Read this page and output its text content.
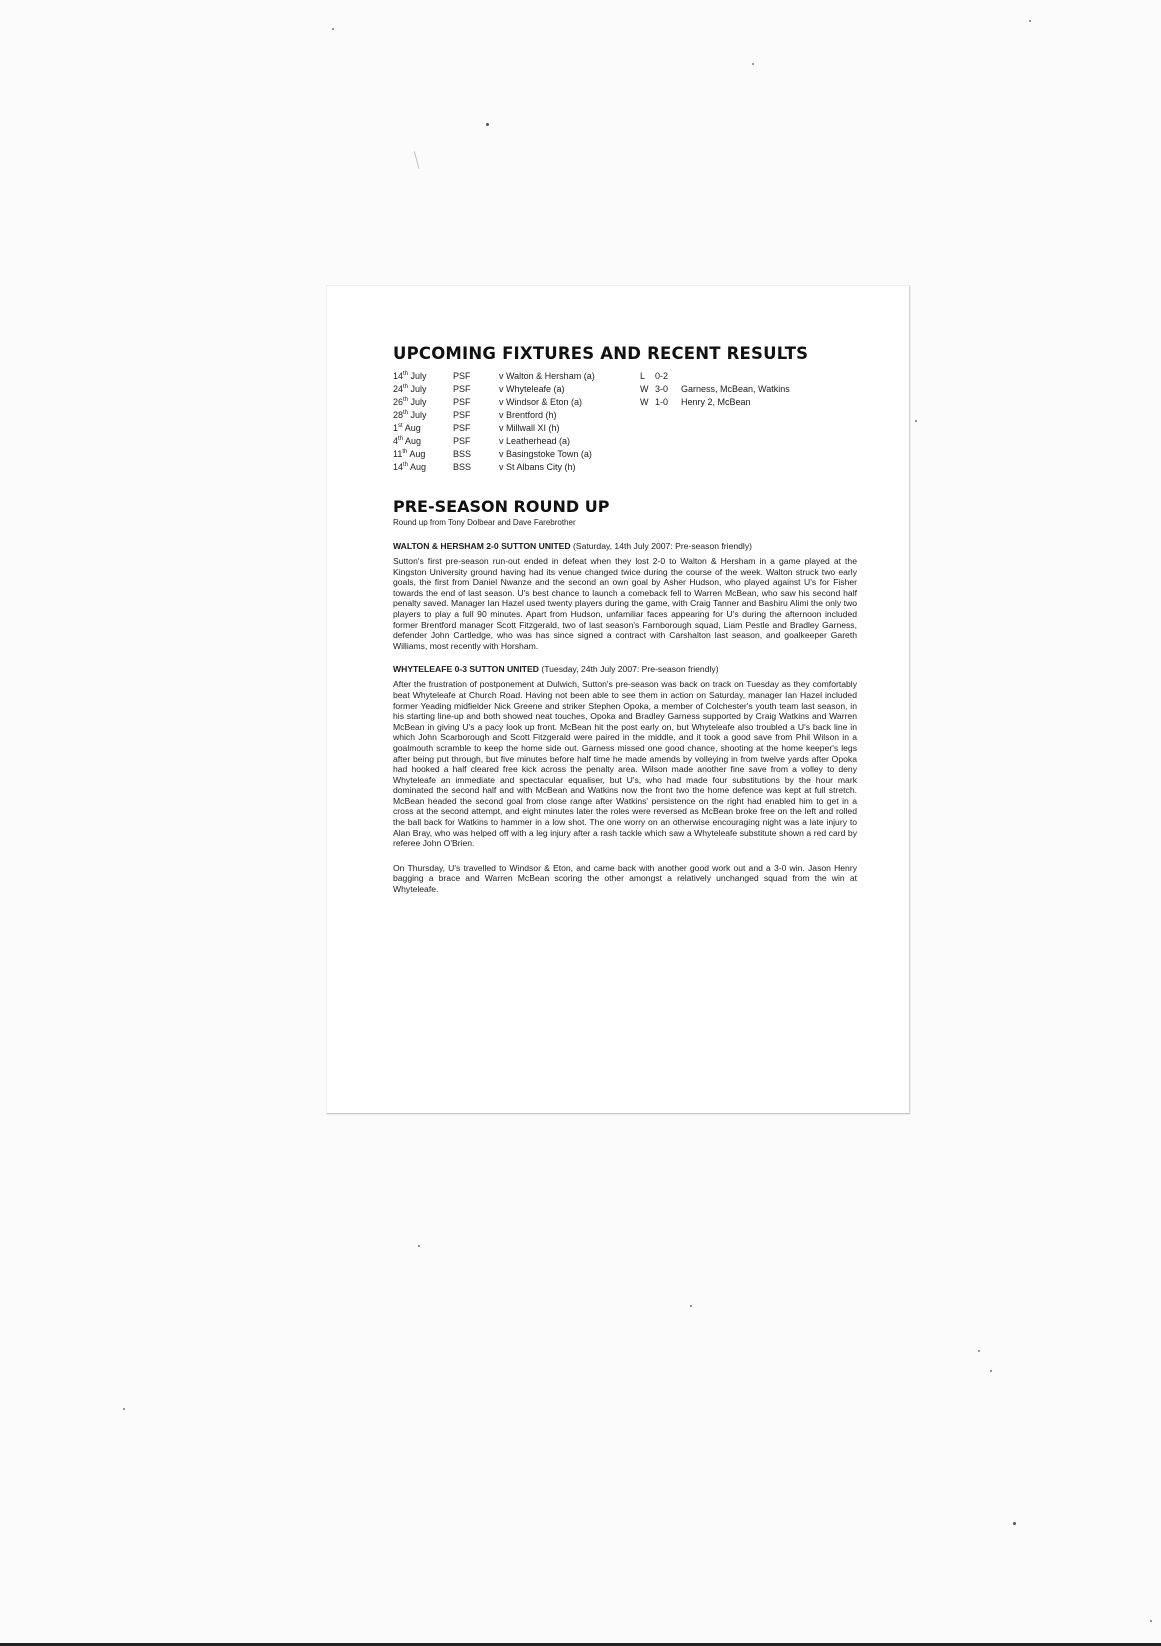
UPCOMING FIXTURES AND RECENT RESULTS
14th July	PSF	v Walton & Hersham (a)	L 0-2
24th July	PSF	v Whyteleafe (a)	W 3-0 Garness, McBean, Watkins
26th July	PSF	v Windsor & Eton (a)	W 1-0 Henry 2, McBean
28th July	PSF	v Brentford (h)
1st Aug	PSF	v Millwall XI (h)
4th Aug	PSF	v Leatherhead (a)
11th Aug	BSS	v Basingstoke Town (a)
14th Aug	BSS	v St Albans City (h)
PRE-SEASON ROUND UP
Round up from Tony Dolbear and Dave Farebrother
WALTON & HERSHAM 2-0 SUTTON UNITED (Saturday, 14th July 2007: Pre-season friendly)

Sutton's first pre-season run-out ended in defeat when they lost 2-0 to Walton & Hersham in a game played at the Kingston University ground having had its venue changed twice during the course of the week. Walton struck two early goals, the first from Daniel Nwanze and the second an own goal by Asher Hudson, who played against U's for Fisher towards the end of last season. U's best chance to launch a comeback fell to Warren McBean, who saw his second half penalty saved. Manager Ian Hazel used twenty players during the game, with Craig Tanner and Bashiru Alimi the only two players to play a full 90 minutes. Apart from Hudson, unfamiliar faces appearing for U's during the afternoon included former Brentford manager Scott Fitzgerald, two of last season's Farnborough squad, Liam Pestle and Bradley Garness, defender John Cartledge, who was has since signed a contract with Carshalton last season, and goalkeeper Gareth Williams, most recently with Horsham.

WHYTELEAFE 0-3 SUTTON UNITED (Tuesday, 24th July 2007: Pre-season friendly)

After the frustration of postponement at Dulwich, Sutton's pre-season was back on track on Tuesday as they comfortably beat Whyteleafe at Church Road. Having not been able to see them in action on Saturday, manager Ian Hazel included former Yeading midfielder Nick Greene and striker Stephen Opoka, a member of Colchester's youth team last season, in his starting line-up and both showed neat touches, Opoka and Bradley Garness supported by Craig Watkins and Warren McBean in giving U's a pacy look up front. McBean hit the post early on, but Whyteleafe also troubled a U's back line in which John Scarborough and Scott Fitzgerald were paired in the middle, and it took a good save from Phil Wilson in a goalmouth scramble to keep the home side out. Garness missed one good chance, shooting at the home keeper's legs after being put through, but five minutes before half time he made amends by volleying in from twelve yards after Opoka had hooked a half cleared free kick across the penalty area. Wilson made another fine save from a volley to deny Whyteleafe an immediate and spectacular equaliser, but U's, who had made four substitutions by the hour mark dominated the second half and with McBean and Watkins now the front two the home defence was kept at full stretch. McBean headed the second goal from close range after Watkins' persistence on the right had enabled him to get in a cross at the second attempt, and eight minutes later the roles were reversed as McBean broke free on the left and rolled the ball back for Watkins to hammer in a low shot. The one worry on an otherwise encouraging night was a late injury to Alan Bray, who was helped off with a leg injury after a rash tackle which saw a Whyteleafe substitute shown a red card by referee John O'Brien.

On Thursday, U's travelled to Windsor & Eton, and came back with another good work out and a 3-0 win. Jason Henry bagging a brace and Warren McBean scoring the other amongst a relatively unchanged squad from the win at Whyteleafe.
